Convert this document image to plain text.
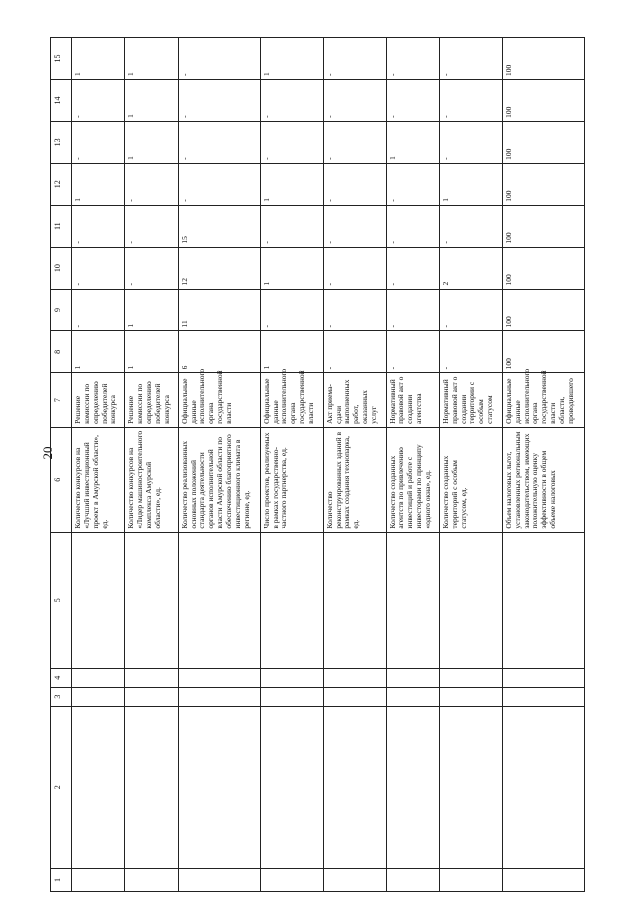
20
1	2	3	4	5	6	7	8	9	10	11	12	13	14	15
					Количество конкурсов на «Лучший инвестиционный проект в Амурской области», ед.	Решение комиссии по определению победителей конкурса	1	-	-	-	1	-	-	1
					Количество конкурсов на «Лидер машиностроительного комплекса Амурской области», ед.	Решение комиссии по определению победителей конкурса	1	1	-	-	-	1	1	1
					Количество реализованных основных положений стандарта деятельности органов исполнительной власти Амурской области по обеспечению благоприятного инвестиционного климата в регионе, ед.	Официальные данные исполнительного органа государственной власти	6	11	12	15	-	-	-	-
					Число проектов, реализуемых в рамках государственно-частного партнерства, ед.	Официальные данные исполнительного органа государственной власти	1	-	1	-	1	-	-	1
					Количество реконструированных зданий в рамках создания технопарка, ед.	Акт приема-сдачи выполненных работ, оказанных услуг	-	-	-	-	-	-	-	-
					Количество созданных агентств по привлечению инвестиций и работе с инвесторами по принципу «одного окна», ед.	Нормативный правовой акт о создании агентства	-	-	-	-	-	1	-	-
					Количество созданных территорий с особым статусом, ед.	Нормативный правовой акт о создании территории с особым статусом	-	-	2	-	1	-	-	-
					Объем налоговых льгот, установленных региональным законодательством, имеющих положительную оценку эффективности в общем объеме налоговых	Официальные данные исполнительного органа государственной власти области, проводившего	100	100	100	100	100	100	100	100
